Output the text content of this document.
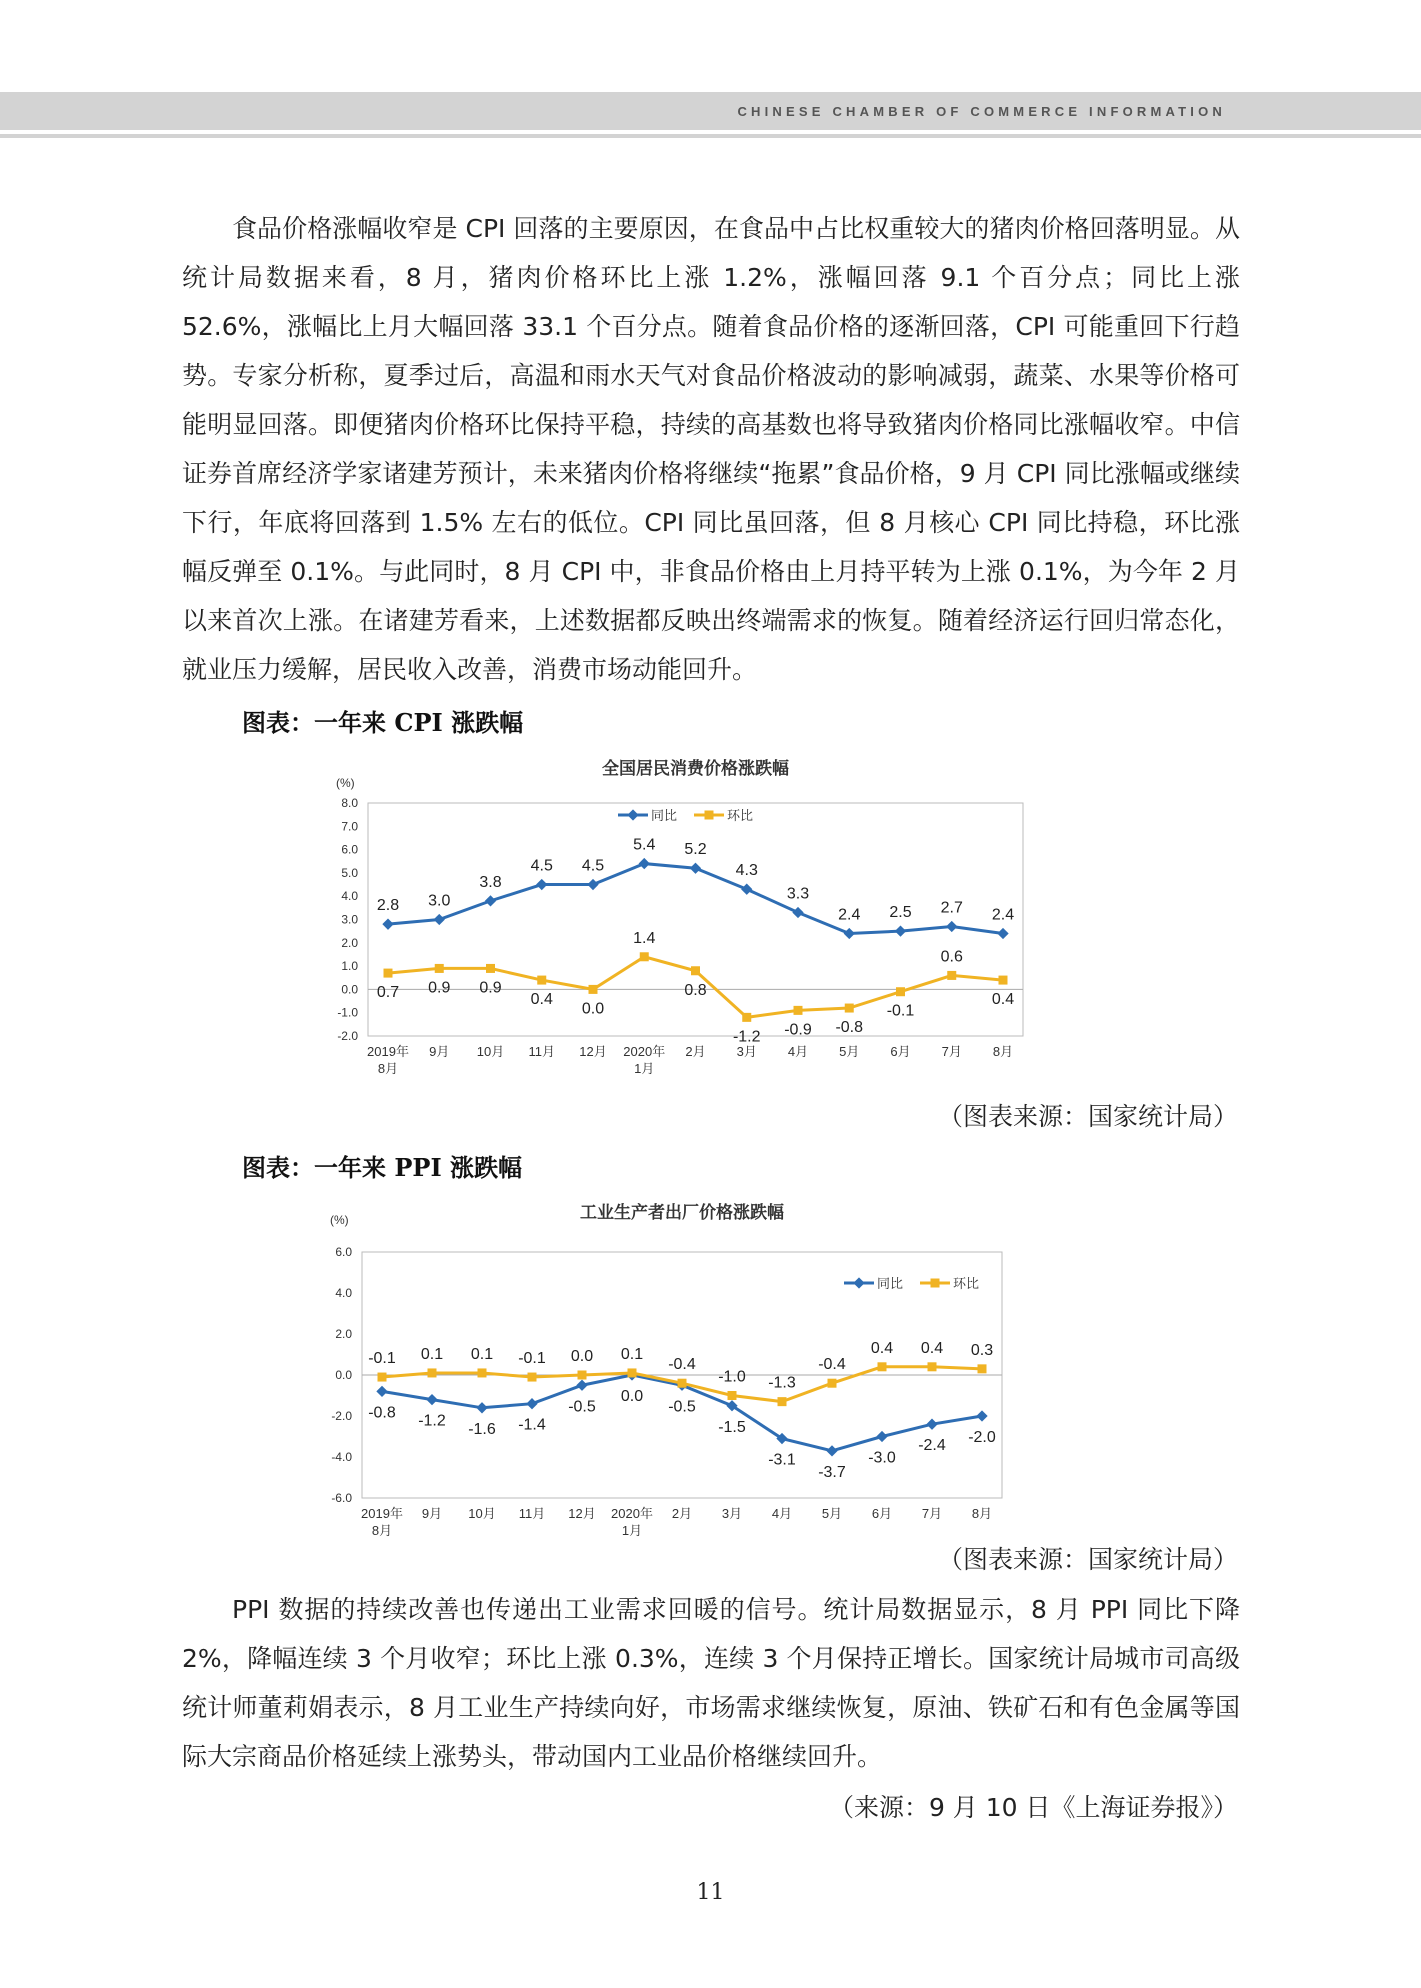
CHINESE CHAMBER OF COMMERCE INFORMATION

食品价格涨幅收窄是 CPI 回落的主要原因，在食品中占比权重较大的猪肉价格回落明显。从统计局数据来看，8 月，猪肉价格环比上涨 1.2%，涨幅回落 9.1 个百分点；同比上涨 52.6%，涨幅比上月大幅回落 33.1 个百分点。随着食品价格的逐渐回落，CPI 可能重回下行趋势。专家分析称，夏季过后，高温和雨水天气对食品价格波动的影响减弱，蔬菜、水果等价格可能明显回落。即便猪肉价格环比保持平稳，持续的高基数也将导致猪肉价格同比涨幅收窄。中信证券首席经济学家诸建芳预计，未来猪肉价格将继续“拖累”食品价格，9 月 CPI 同比涨幅或继续下行，年底将回落到 1.5% 左右的低位。CPI 同比虽回落，但 8 月核心 CPI 同比持稳，环比涨幅反弹至 0.1%。与此同时，8 月 CPI 中，非食品价格由上月持平转为上涨 0.1%，为今年 2 月以来首次上涨。在诸建芳看来，上述数据都反映出终端需求的恢复。随着经济运行回归常态化，就业压力缓解，居民收入改善，消费市场动能回升。

图表：一年来 CPI 涨跌幅
全国居民消费价格涨跌幅
(%)
8.0
7.0
6.0
5.0
4.0
3.0
2.0
1.0
0.0
-1.0
-2.0
2019年 8月
9月 10月 11月 12月 2020年 1月
2月 3月 4月 5月 6月 7月 8月
2.8 3.0
3.8
4.5 4.5
5.4 5.2
4.3
3.3
2.4 2.5 2.7 2.4
0.7 0.9 0.9
0.4
0.0
1.4
0.8
-1.2 -0.9 -0.8
-0.1
0.6
0.4
同比	环比
（图表来源：国家统计局）
图表：一年来 PPI 涨跌幅
工业生产者出厂价格涨跌幅
(%)
6.0
4.0
2.0
0.0
-2.0
-4.0
-6.0
2019年 8月
9月 10月 11月 12月 2020年 1月
2月 3月 4月 5月 6月 7月 8月
-0.8 -1.2 -1.6 -1.4
-0.5
0.0
-0.5
-1.5
-3.1
-3.7
-3.0
-2.4 -2.0
-0.1 0.1 0.1 -0.1 0.0 0.1
-0.4
-1.0 -1.3
-0.4
0.4 0.4 0.3
同比	环比
（图表来源：国家统计局）

PPI 数据的持续改善也传递出工业需求回暖的信号。统计局数据显示，8 月 PPI 同比下降 2%，降幅连续 3 个月收窄；环比上涨 0.3%，连续 3 个月保持正增长。国家统计局城市司高级统计师董莉娟表示，8 月工业生产持续向好，市场需求继续恢复，原油、铁矿石和有色金属等国际大宗商品价格延续上涨势头，带动国内工业品价格继续回升。

（来源：9 月 10 日《上海证券报》）
11
